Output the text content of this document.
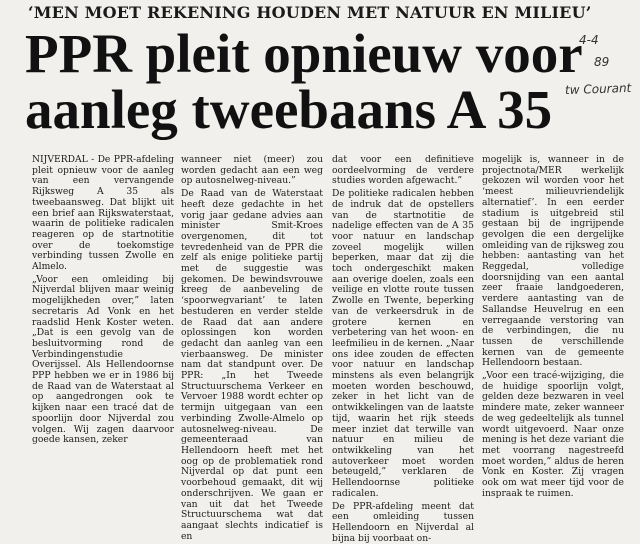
‘MEN MOET REKENING HOUDEN MET NATUUR EN MILIEU’
PPR pleit opnieuw voor
aanleg tweebaans A 35
4-4
89
tw Courant

NIJVERDAL - De PPR-afdeling pleit opnieuw voor de aanleg van een vervangende Rijksweg A 35 als tweebaansweg. Dat blijkt uit een brief aan Rijkswaterstaat, waarin de politieke radicalen reageren op de startnotitie over de toekomstige verbinding tussen Zwolle en Almelo.

„Voor een omleiding bij Nijverdal blijven maar weinig mogelijkheden over,” laten secretaris Ad Vonk en het raadslid Henk Koster weten. „Dat is een gevolg van de besluitvorming rond de Verbindingenstudie Overijssel. Als Hellendoornse PPP hebben we er in 1986 bij de Raad van de Waterstaat al op aangedrongen ook te kijken naar een tracé dat de spoorlijn door Nijverdal zou volgen. Wij zagen daarvoor goede kansen, zeker

wanneer niet (meer) zou worden gedacht aan een weg op autosnelweg-niveau.”

De Raad van de Waterstaat heeft deze gedachte in het vorig jaar gedane advies aan minister Smit-Kroes overgenomen, dit tot tevredenheid van de PPR die zelf als enige politieke partij met de suggestie was gekomen. De bewindsvrouwe kreeg de aanbeveling de ‘spoorwegvariant’ te laten bestuderen en verder stelde de Raad dat aan andere oplossingen kon worden gedacht dan aanleg van een vierbaansweg. De minister nam dat standpunt over. De PPR: „In het Tweede Structuurschema Verkeer en Vervoer 1988 wordt echter op termijn uitgegaan van een verbinding Zwolle-Almelo op autosnelweg-niveau. De gemeenteraad van Hellendoorn heeft met het oog op de problematiek rond Nijverdal op dat punt een voorbehoud gemaakt, dit wij onderschrijven. We gaan er van uit dat het Tweede Structuurschema wat dat aangaat slechts indicatief is en

dat voor een definitieve oordeelvorming de verdere studies worden afgewacht.”

De politieke radicalen hebben de indruk dat de opstellers van de startnotitie de nadelige effecten van de A 35 voor natuur en landschap zoveel mogelijk willen beperken, maar dat zij die toch ondergeschikt maken aan overige doelen, zoals een veilige en vlotte route tussen Zwolle en Twente, beperking van de verkeersdruk in de grotere kernen en verbetering van het woon- en leefmilieu in de kernen. „Naar ons idee zouden de effecten voor natuur en landschap minstens als even belangrijk moeten worden beschouwd, zeker in het licht van de ontwikkelingen van de laatste tijd, waarin het rijk steeds meer inziet dat terwille van natuur en milieu de ontwikkeling van het autoverkeer moet worden beteugeld,” verklaren de Hellendoornse politieke radicalen.

De PPR-afdeling meent dat een omleiding tussen Hellendoorn en Nijverdal al bijna bij voorbaat on-

mogelijk is, wanneer in de projectnota/MER werkelijk gekozen wil worden voor het ‘meest milieuvriendelijk alternatief’. In een eerder stadium is uitgebreid stil gestaan bij de ingrijpende gevolgen die een dergelijke omleiding van de rijksweg zou hebben: aantasting van het Reggedal, volledige doorsnijding van een aantal zeer fraaie landgoederen, verdere aantasting van de Sallandse Heuvelrug en een verregaande verstoring van de verbindingen, die nu tussen de verschillende kernen van de gemeente Hellendoorn bestaan.

„Voor een tracé-wijziging, die de huidige spoorlijn volgt, gelden deze bezwaren in veel mindere mate, zeker wanneer de weg gedeeltelijk als tunnel wordt uitgevoerd. Naar onze mening is het deze variant die met voorrang nagestreefd moet worden,” aldus de heren Vonk en Koster. Zij vragen ook om wat meer tijd voor de inspraak te ruimen.
